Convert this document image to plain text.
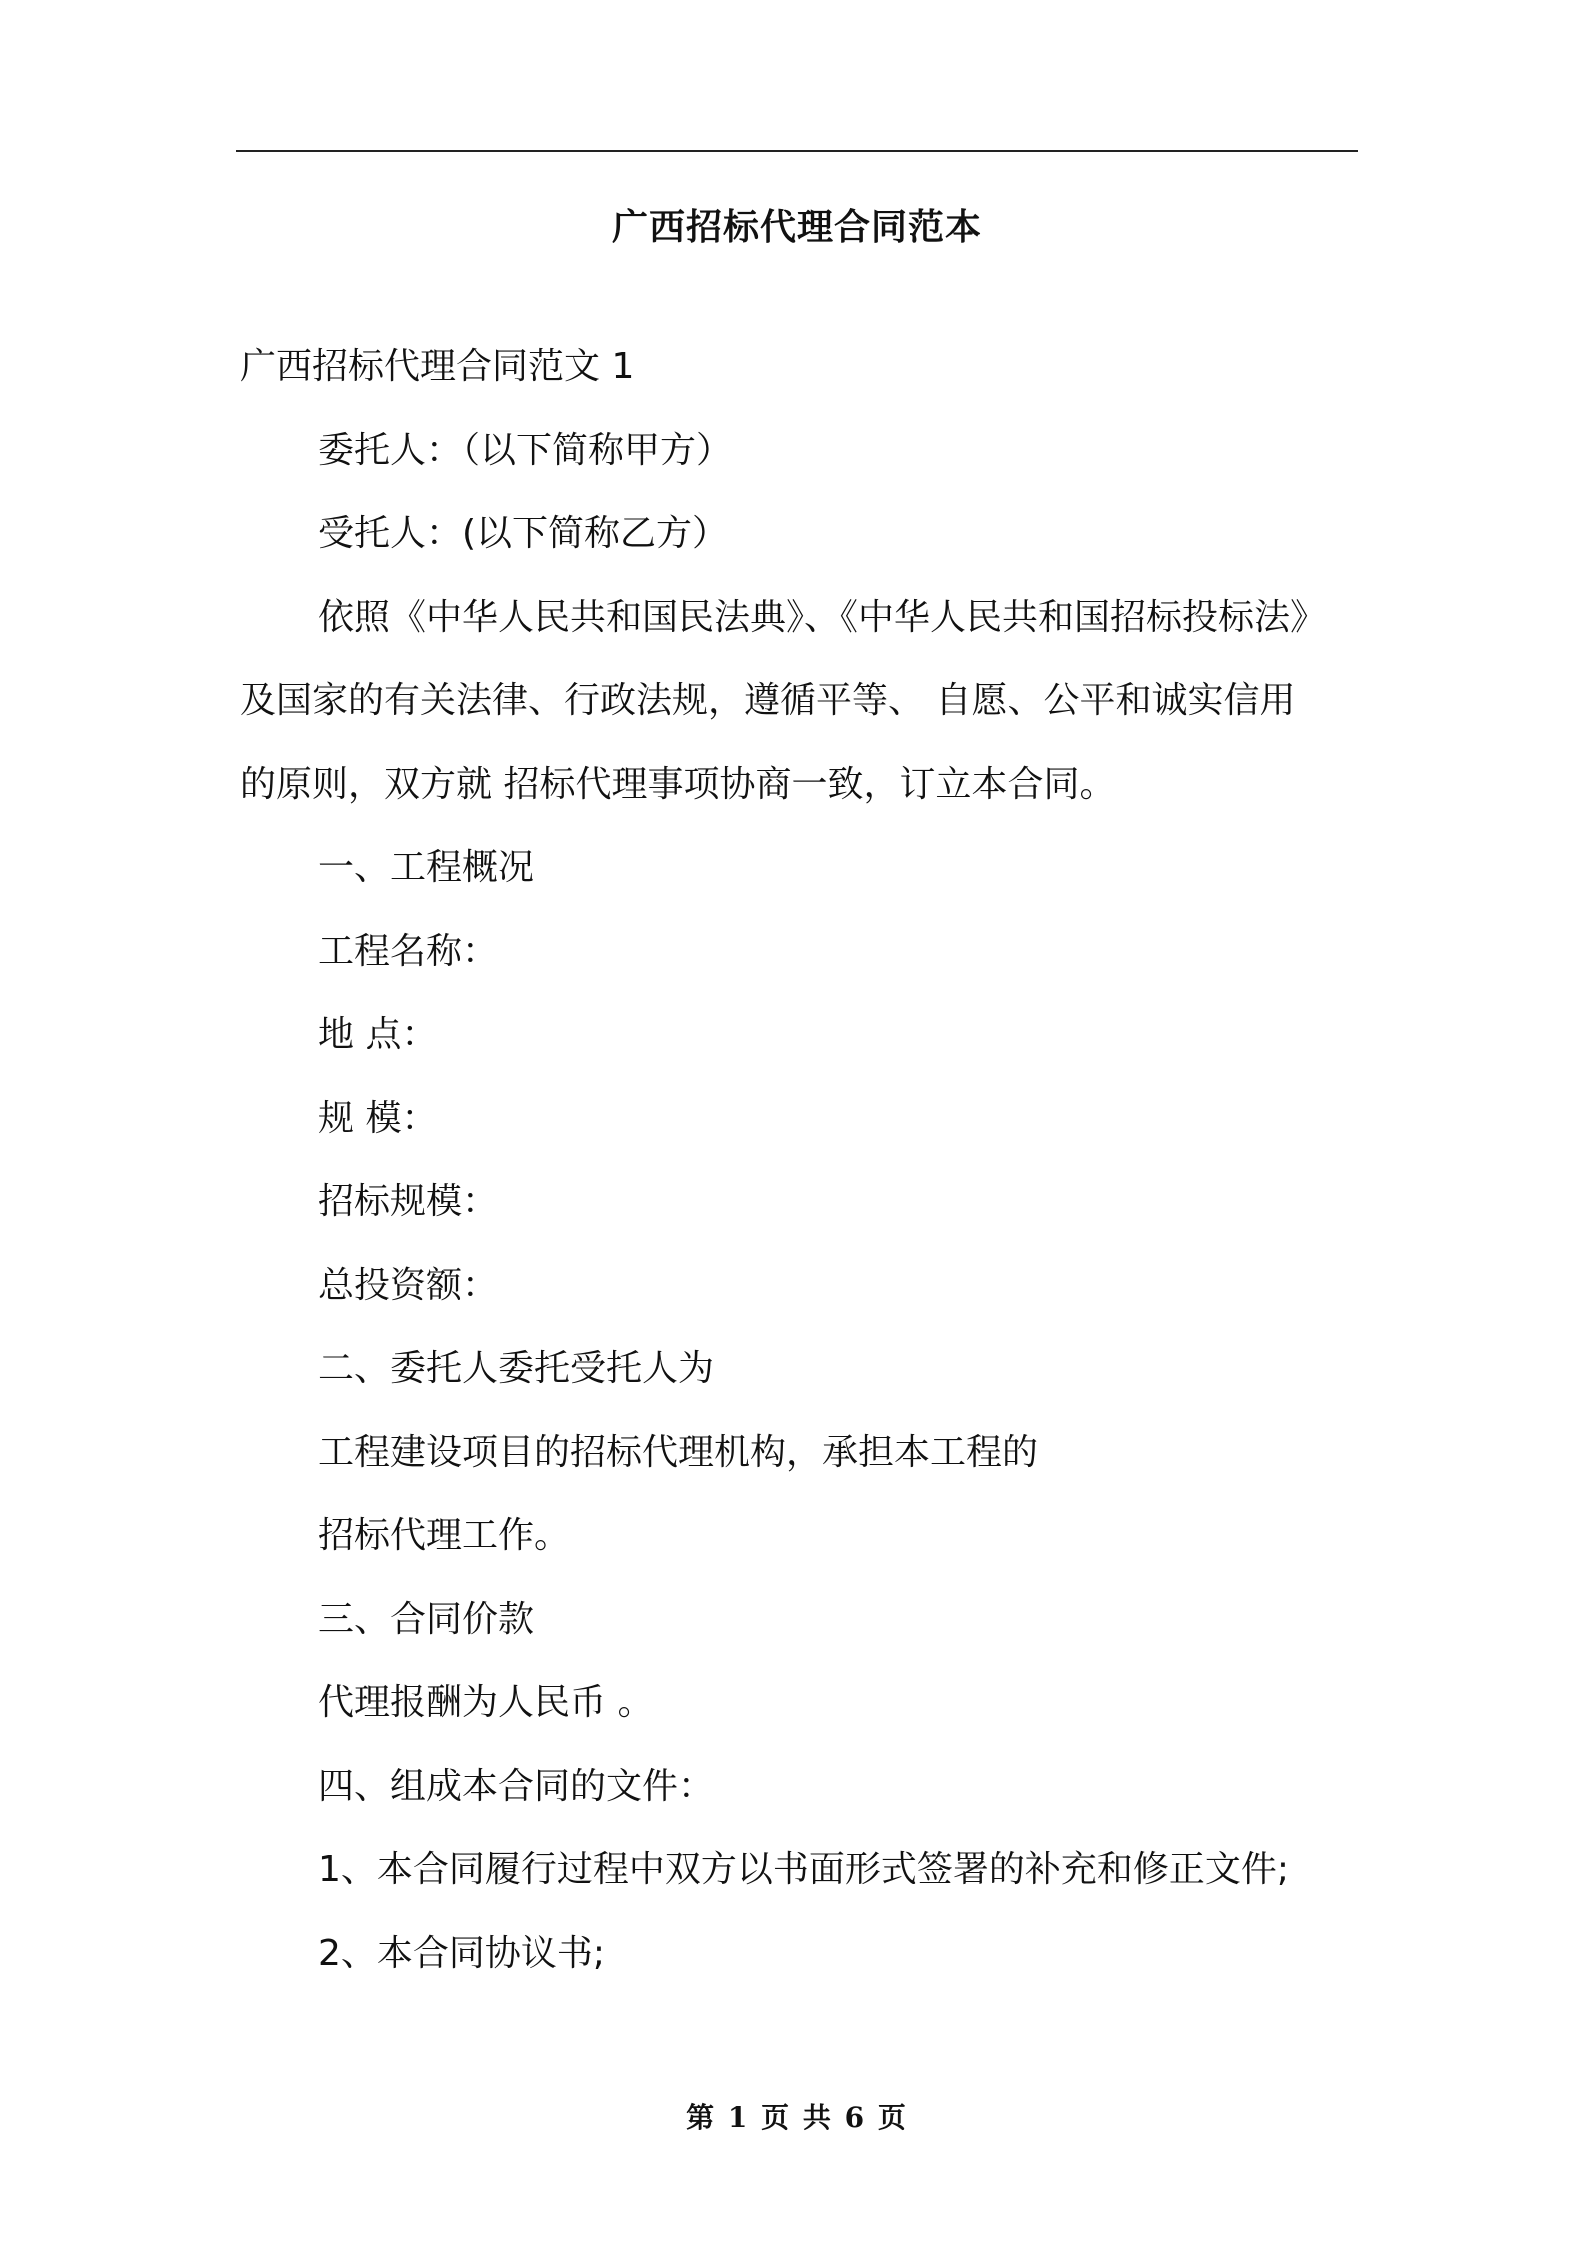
广西招标代理合同范本

广西招标代理合同范文 1

委托人：（以下简称甲方）

受托人：(以下简称乙方）

依照《中华人民共和国民法典》、《中华人民共和国招标投标法》

及国家的有关法律、行政法规，遵循平等、 自愿、公平和诚实信用

的原则，双方就 招标代理事项协商一致，订立本合同。

一、工程概况

工程名称：

地 点：

规 模：

招标规模：

总投资额：

二、委托人委托受托人为

工程建设项目的招标代理机构，承担本工程的

招标代理工作。

三、合同价款

代理报酬为人民币 。

四、组成本合同的文件：

1、本合同履行过程中双方以书面形式签署的补充和修正文件;

2、本合同协议书;

第 1 页 共 6 页
